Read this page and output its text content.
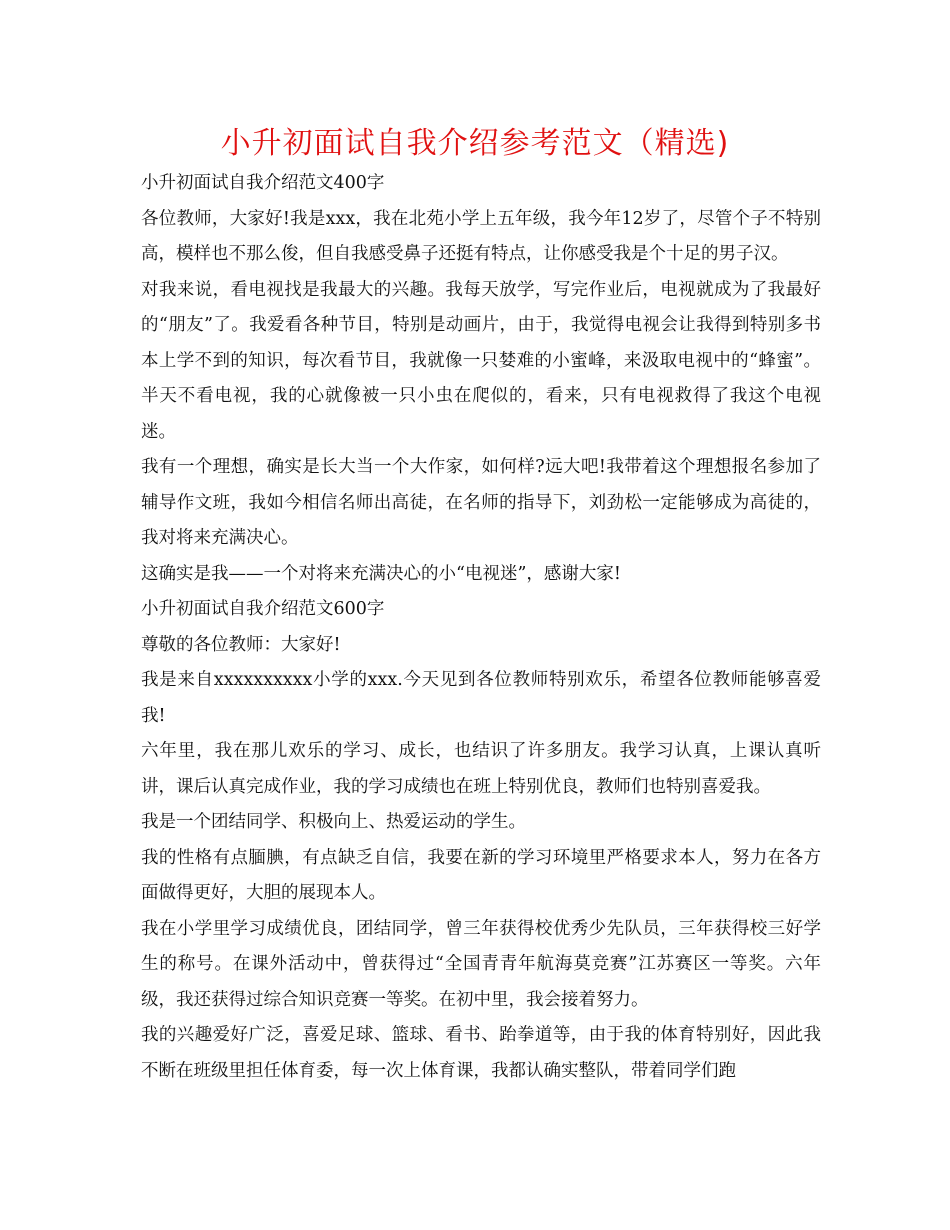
小升初面试自我介绍参考范文（精选)

小升初面试自我介绍范文400字

各位教师，大家好!我是xxx，我在北苑小学上五年级，我今年12岁了，尽管个子不特别高，模样也不那么俊，但自我感受鼻子还挺有特点，让你感受我是个十足的男子汉。

对我来说，看电视找是我最大的兴趣。我每天放学，写完作业后，电视就成为了我最好的“朋友”了。我爱看各种节目，特别是动画片，由于，我觉得电视会让我得到特别多书本上学不到的知识，每次看节目，我就像一只婪难的小蜜峰，来汲取电视中的“蜂蜜”。半天不看电视，我的心就像被一只小虫在爬似的，看来，只有电视救得了我这个电视迷。

我有一个理想，确实是长大当一个大作家，如何样?远大吧!我带着这个理想报名参加了辅导作文班，我如今相信名师出高徒，在名师的指导下，刘劲松一定能够成为高徒的，我对将来充满决心。

这确实是我——一个对将来充满决心的小“电视迷”，感谢大家!

小升初面试自我介绍范文600字

尊敬的各位教师：大家好!

我是来自xxxxxxxxxx小学的xxx.今天见到各位教师特别欢乐，希望各位教师能够喜爱我!

六年里，我在那儿欢乐的学习、成长，也结识了许多朋友。我学习认真，上课认真听讲，课后认真完成作业，我的学习成绩也在班上特别优良，教师们也特别喜爱我。

我是一个团结同学、积极向上、热爱运动的学生。

我的性格有点腼腆，有点缺乏自信，我要在新的学习环境里严格要求本人，努力在各方面做得更好，大胆的展现本人。

我在小学里学习成绩优良，团结同学，曾三年获得校优秀少先队员，三年获得校三好学生的称号。在课外活动中，曾获得过“全国青青年航海莫竞赛”江苏赛区一等奖。六年级，我还获得过综合知识竞赛一等奖。在初中里，我会接着努力。

我的兴趣爱好广泛，喜爱足球、篮球、看书、跆拳道等，由于我的体育特别好，因此我不断在班级里担任体育委，每一次上体育课，我都认确实整队，带着同学们跑
